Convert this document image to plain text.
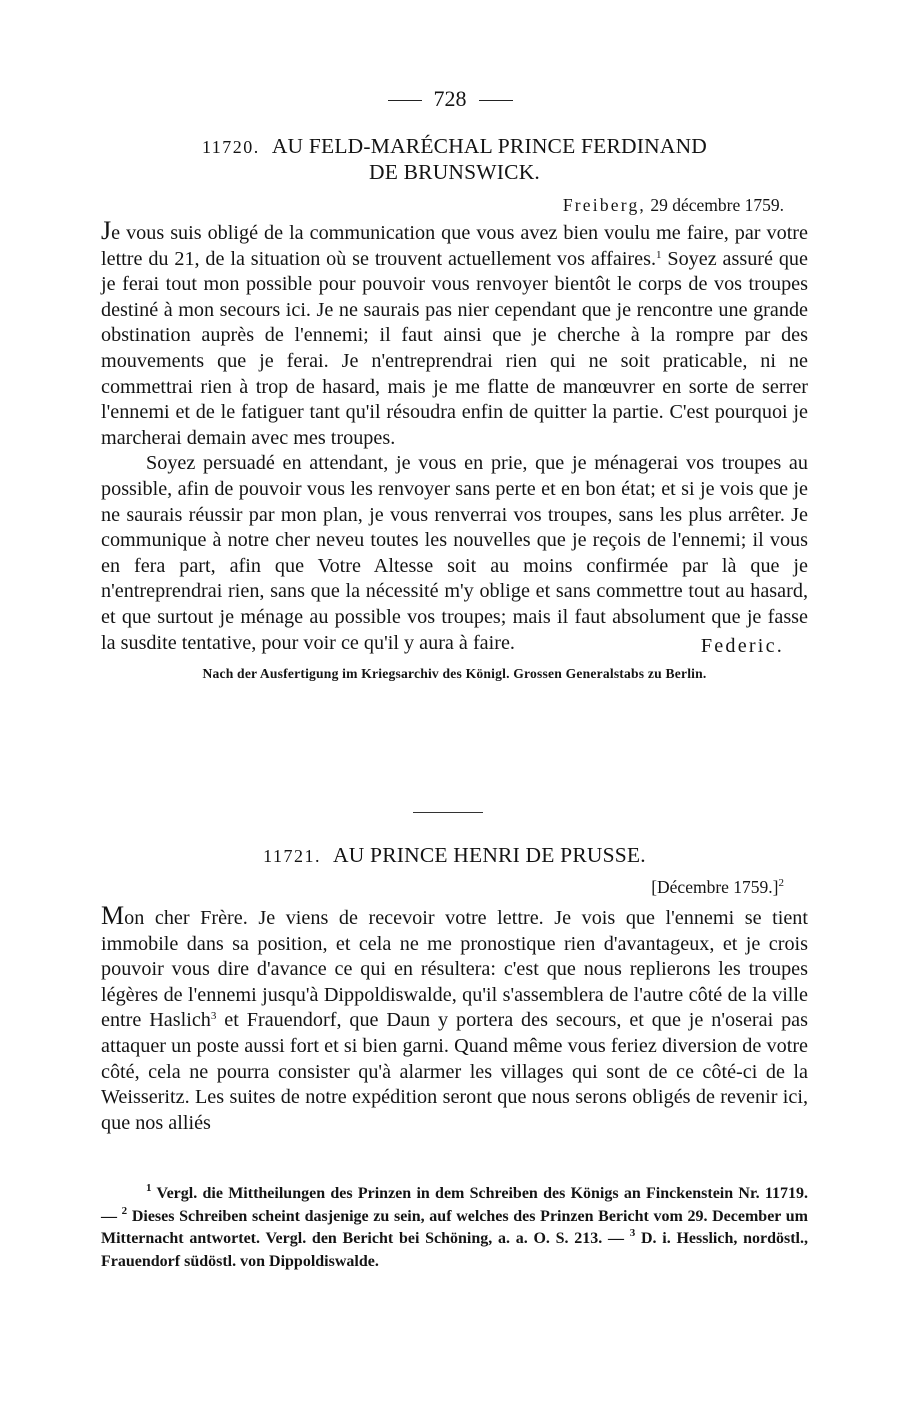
728
11720. AU FELD-MARÉCHAL PRINCE FERDINAND
DE BRUNSWICK.
Freiberg, 29 décembre 1759.

Je vous suis obligé de la communication que vous avez bien voulu me faire, par votre lettre du 21, de la situation où se trouvent actuellement vos affaires.$^1$ Soyez assuré que je ferai tout mon possible pour pouvoir vous renvoyer bientôt le corps de vos troupes destiné à mon secours ici. Je ne saurais pas nier cependant que je rencontre une grande obstination auprès de l'ennemi; il faut ainsi que je cherche à la rompre par des mouvements que je ferai. Je n'entreprendrai rien qui ne soit praticable, ni ne commettrai rien à trop de hasard, mais je me flatte de manœuvrer en sorte de serrer l'ennemi et de le fatiguer tant qu'il résoudra enfin de quitter la partie. C'est pourquoi je marcherai demain avec mes troupes.

Soyez persuadé en attendant, je vous en prie, que je ménagerai vos troupes au possible, afin de pouvoir vous les renvoyer sans perte et en bon état; et si je vois que je ne saurais réussir par mon plan, je vous renverrai vos troupes, sans les plus arrêter. Je communique à notre cher neveu toutes les nouvelles que je reçois de l'ennemi; il vous en fera part, afin que Votre Altesse soit au moins confirmée par là que je n'entreprendrai rien, sans que la nécessité m'y oblige et sans commettre tout au hasard, et que surtout je ménage au possible vos troupes; mais il faut absolument que je fasse la susdite tentative, pour voir ce qu'il y aura à faire.	Federic.
Nach der Ausfertigung im Kriegsarchiv des Königl. Grossen Generalstabs zu Berlin.
11721. AU PRINCE HENRI DE PRUSSE.
[Décembre 1759.]$^2$

Mon cher Frère. Je viens de recevoir votre lettre. Je vois que l'ennemi se tient immobile dans sa position, et cela ne me pronostique rien d'avantageux, et je crois pouvoir vous dire d'avance ce qui en résultera: c'est que nous replierons les troupes légères de l'ennemi jusqu'à Dippoldiswalde, qu'il s'assemblera de l'autre côté de la ville entre Haslich$^3$ et Frauendorf, que Daun y portera des secours, et que je n'oserai pas attaquer un poste aussi fort et si bien garni. Quand même vous feriez diversion de votre côté, cela ne pourra consister qu'à alarmer les villages qui sont de ce côté-ci de la Weisseritz. Les suites de notre expédition seront que nous serons obligés de revenir ici, que nos alliés

$^1$ Vergl. die Mittheilungen des Prinzen in dem Schreiben des Königs an Finckenstein Nr. 11719. — $^2$ Dieses Schreiben scheint dasjenige zu sein, auf welches des Prinzen Bericht vom 29. December um Mitternacht antwortet. Vergl. den Bericht bei Schöning, a. a. O. S. 213. — $^3$ D. i. Hesslich, nordöstl., Frauendorf südöstl. von Dippoldiswalde.
